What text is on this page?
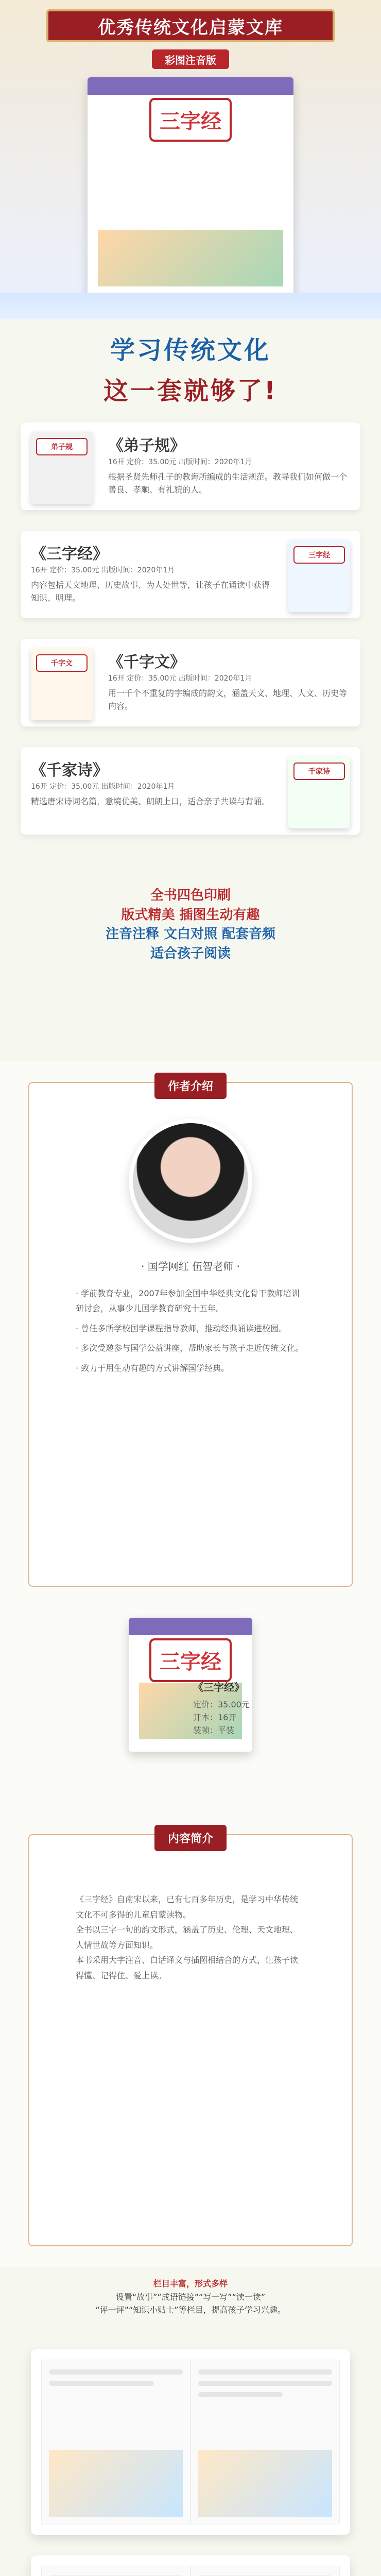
优秀传统文化启蒙文库
彩图注音版
三字经
学习传统文化
这一套就够了!
弟子规	《弟子规》
16开 定价：35.00元 出版时间：2020年1月
根据圣贤先师孔子的教诲所编成的生活规范。教导我们如何做一个善良、孝顺、有礼貌的人。
三字经
《三字经》
16开 定价：35.00元 出版时间：2020年1月
内容包括天文地理、历史故事、为人处世等，让孩子在诵读中获得知识、明理。
千字文	《千字文》
16开 定价：35.00元 出版时间：2020年1月
用一千个不重复的字编成的韵文，涵盖天文、地理、人文、历史等内容。
千家诗
《千家诗》
16开 定价：35.00元 出版时间：2020年1月
精选唐宋诗词名篇，意境优美、朗朗上口，适合亲子共读与背诵。
全书四色印刷
版式精美 插图生动有趣
注音注释 文白对照 配套音频
适合孩子阅读
作者介绍
· 国学网红 伍智老师 ·

· 学前教育专业，2007年参加全国中华经典文化骨干教师培训研讨会，从事少儿国学教育研究十五年。

· 曾任多所学校国学课程指导教师，推动经典诵读进校园。

· 多次受邀参与国学公益讲座，帮助家长与孩子走近传统文化。

· 致力于用生动有趣的方式讲解国学经典。

三字经
《三字经》
定价：35.00元
开本：16开
装帧：平装
内容简介

《三字经》自南宋以来，已有七百多年历史，是学习中华传统文化不可多得的儿童启蒙读物。

全书以三字一句的韵文形式，涵盖了历史、伦理、天文地理、人情世故等方面知识。

本书采用大字注音、白话译文与插图相结合的方式，让孩子读得懂、记得住、爱上读。

栏目丰富，形式多样
设置“故事”“成语链接”“写一写”“读一读”
“评一评”“知识小贴士”等栏目，提高孩子学习兴趣。
